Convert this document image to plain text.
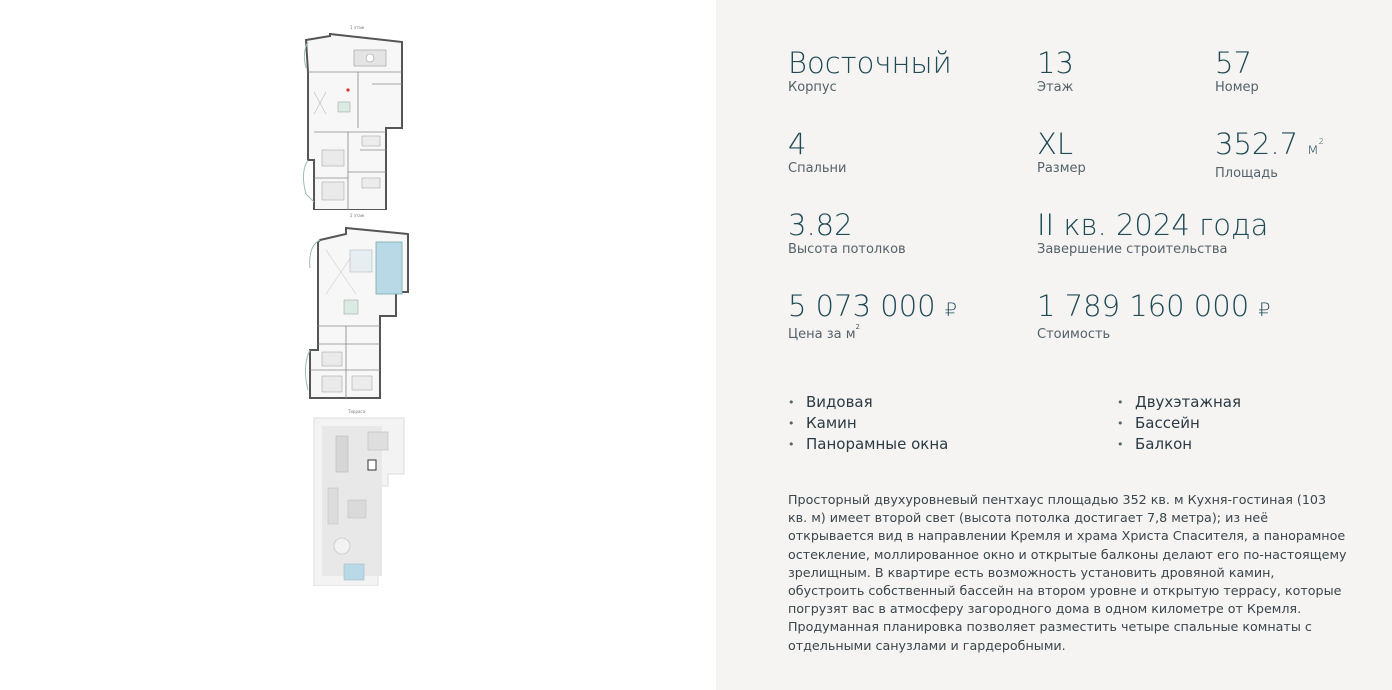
1 этаж
2 этаж
Терраса
Восточный
Корпус
13
Этаж
57
Номер
4
Спальни
XL
Размер
352.7 $м^2$
Площадь
3.82
Высота потолков
II кв. 2024 года
Завершение строительства
5 073 000 ₽
Цена за $м^2$
1 789 160 000 ₽
Стоимость
• Видовая
• Камин
• Панорамные окна
• Двухэтажная
• Бассейн
• Балкон

Просторный двухуровневый пентхаус площадью 352 кв. м Кухня-гостиная (103 кв. м) имеет второй свет (высота потолка достигает 7,8 метра); из неё открывается вид в направлении Кремля и храма Христа Спасителя, а панорамное остекление, моллированное окно и открытые балконы делают его по-настоящему зрелищным. В квартире есть возможность установить дровяной камин, обустроить собственный бассейн на втором уровне и открытую террасу, которые погрузят вас в атмосферу загородного дома в одном километре от Кремля. Продуманная планировка позволяет разместить четыре спальные комнаты с отдельными санузлами и гардеробными.
